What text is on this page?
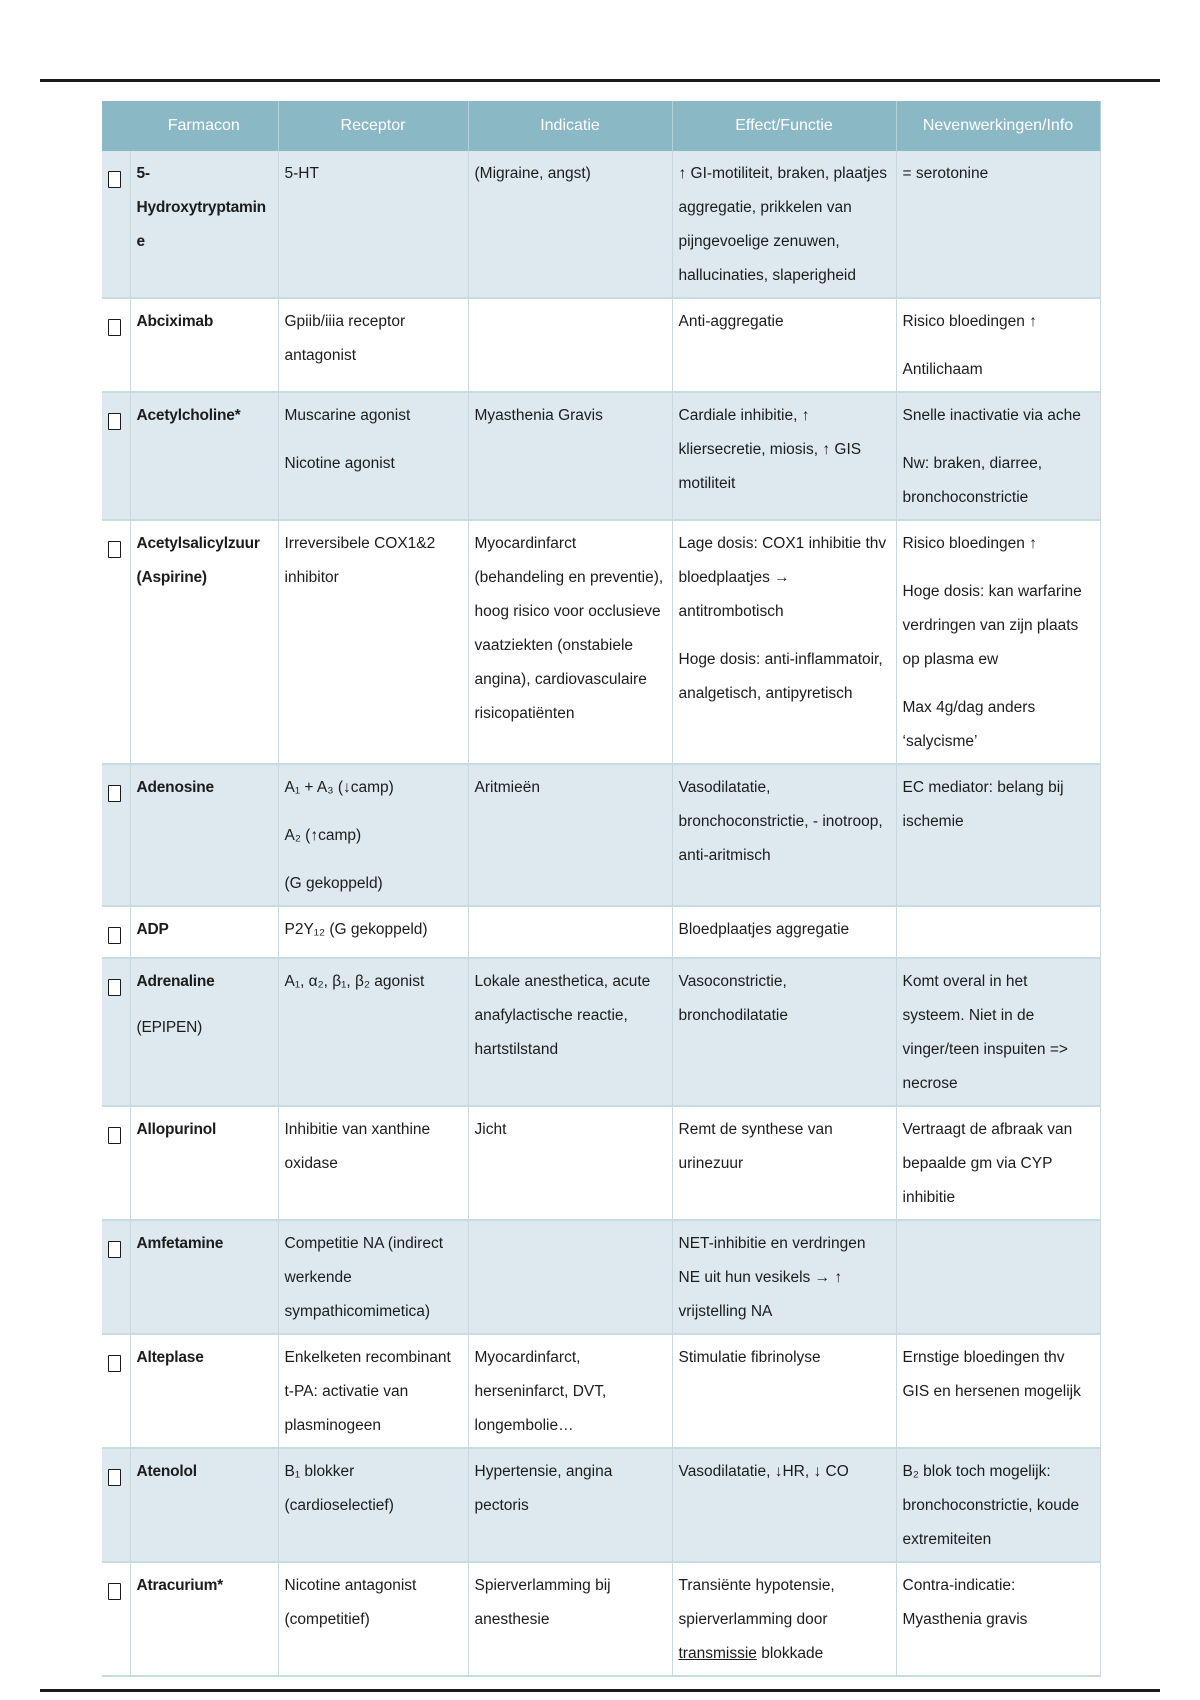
	Farmacon	Receptor	Indicatie	Effect/Functie	Nevenwerkingen/Info
	5-Hydroxytryptamine	5-HT	(Migraine, angst)	↑ GI-motiliteit, braken, plaatjes aggregatie, prikkelen van pijngevoelige zenuwen, hallucinaties, slaperigheid	= serotonine

	Abciximab	Gpiib/iiia receptor antagonist		Anti-aggregatie	Risico bloedingen ↑
Antilichaam

	Acetylcholine*	Muscarine agonist
Nicotine agonist	Myasthenia Gravis	Cardiale inhibitie, ↑ kliersecretie, miosis, ↑ GIS motiliteit	Snelle inactivatie via ache
Nw: braken, diarree, bronchoconstrictie

	Acetylsalicylzuur (Aspirine)	Irreversibele COX1&2 inhibitor	Myocardinfarct (behandeling en preventie), hoog risico voor occlusieve vaatziekten (onstabiele angina), cardiovasculaire risicopatiënten	Lage dosis: COX1 inhibitie thv bloedplaatjes → antitrombotisch
Hoge dosis: anti-inflammatoir, analgetisch, antipyretisch	Risico bloedingen ↑
Hoge dosis: kan warfarine verdringen van zijn plaats op plasma ew
Max 4g/dag anders ‘salycisme’

	Adenosine	A₁ + A₃ (↓camp)
A₂ (↑camp)
(G gekoppeld)	Aritmieën	Vasodilatatie, bronchoconstrictie, - inotroop, anti-aritmisch	EC mediator: belang bij ischemie

	ADP	P2Y₁₂ (G gekoppeld)		Bloedplaatjes aggregatie	

	Adrenaline
(EPIPEN)	A₁, α₂, β₁, β₂ agonist	Lokale anesthetica, acute anafylactische reactie, hartstilstand	Vasoconstrictie, bronchodilatatie	Komt overal in het systeem. Niet in de vinger/teen inspuiten => necrose

	Allopurinol	Inhibitie van xanthine oxidase	Jicht	Remt de synthese van urinezuur	Vertraagt de afbraak van bepaalde gm via CYP inhibitie

	Amfetamine	Competitie NA (indirect werkende sympathicomimetica)		NET-inhibitie en verdringen NE uit hun vesikels → ↑ vrijstelling NA	

	Alteplase	Enkelketen recombinant t-PA: activatie van plasminogeen	Myocardinfarct, herseninfarct, DVT, longembolie…	Stimulatie fibrinolyse	Ernstige bloedingen thv GIS en hersenen mogelijk

	Atenolol	B₁ blokker (cardioselectief)	Hypertensie, angina pectoris	Vasodilatatie, ↓HR, ↓ CO	B₂ blok toch mogelijk: bronchoconstrictie, koude extremiteiten

	Atracurium*	Nicotine antagonist (competitief)	Spierverlamming bij anesthesie	Transiënte hypotensie, spierverlamming door transmissie blokkade	Contra-indicatie: Myasthenia gravis
